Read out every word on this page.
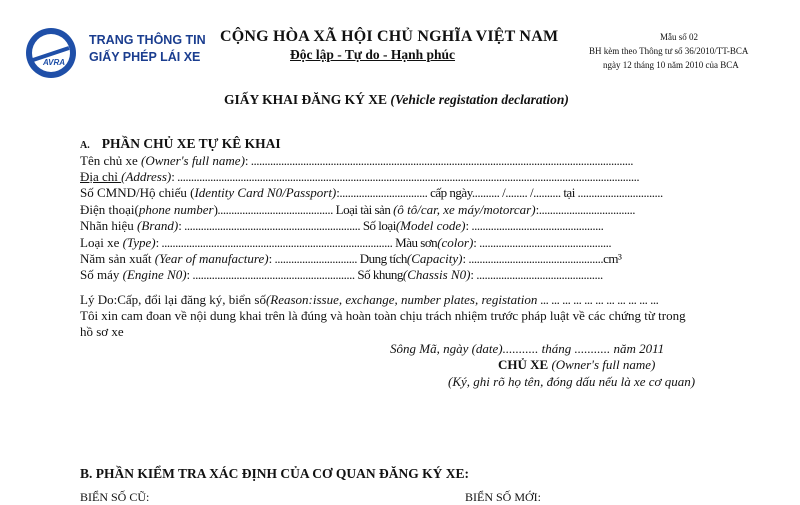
AVRA
TRANG THÔNG TIN
GIẤY PHÉP LÁI XE
CỘNG HÒA XÃ HỘI CHỦ NGHĨA VIỆT NAM
Độc lập - Tự do - Hạnh phúc
Mẫu số 02
BH kèm theo Thông tư số 36/2010/TT-BCA
ngày 12 tháng 10 năm 2010 của BCA
GIẤY KHAI ĐĂNG KÝ XE (Vehicle registation declaration)
A. PHẦN CHỦ XE TỰ KÊ KHAI
Tên chủ xe (Owner's full name): ...........................................................................................................................................
Địa chỉ (Address): ........................................................................................................................................................................
Số CMND/Hộ chiếu (Identity Card N0/Passport):................................ cấp ngày.......... /........ /.......... tại ...............................
Điện thoại(phone number).......................................... Loại tài sản (ô tô/car, xe máy/motorcar):...................................
Nhãn hiệu (Brand): ................................................................ Số loại(Model code): ................................................
Loại xe (Type): .................................................................................... Màu sơn(color): ................................................
Năm sản xuất (Year of manufacture): .............................. Dung tích(Capacity): .................................................cm³
Số máy (Engine N0): ........................................................... Số khung(Chassis N0): ..............................................
Lý Do:Cấp, đổi lại đăng ký, biển số(Reason:issue, exchange, number plates, registation ... ... ... ... ... ... ... ... ... ... ...
Tôi xin cam đoan về nội dung khai trên là đúng và hoàn toàn chịu trách nhiệm trước pháp luật về các chứng từ trong
hồ sơ xe
Sông Mã, ngày (date)........... tháng ........... năm 2011
CHỦ XE (Owner's full name)
(Ký, ghi rõ họ tên, đóng dấu nếu là xe cơ quan)
B. PHẦN KIỂM TRA XÁC ĐỊNH CỦA CƠ QUAN ĐĂNG KÝ XE:
BIỂN SỐ CŨ:	BIỂN SỐ MỚI:
